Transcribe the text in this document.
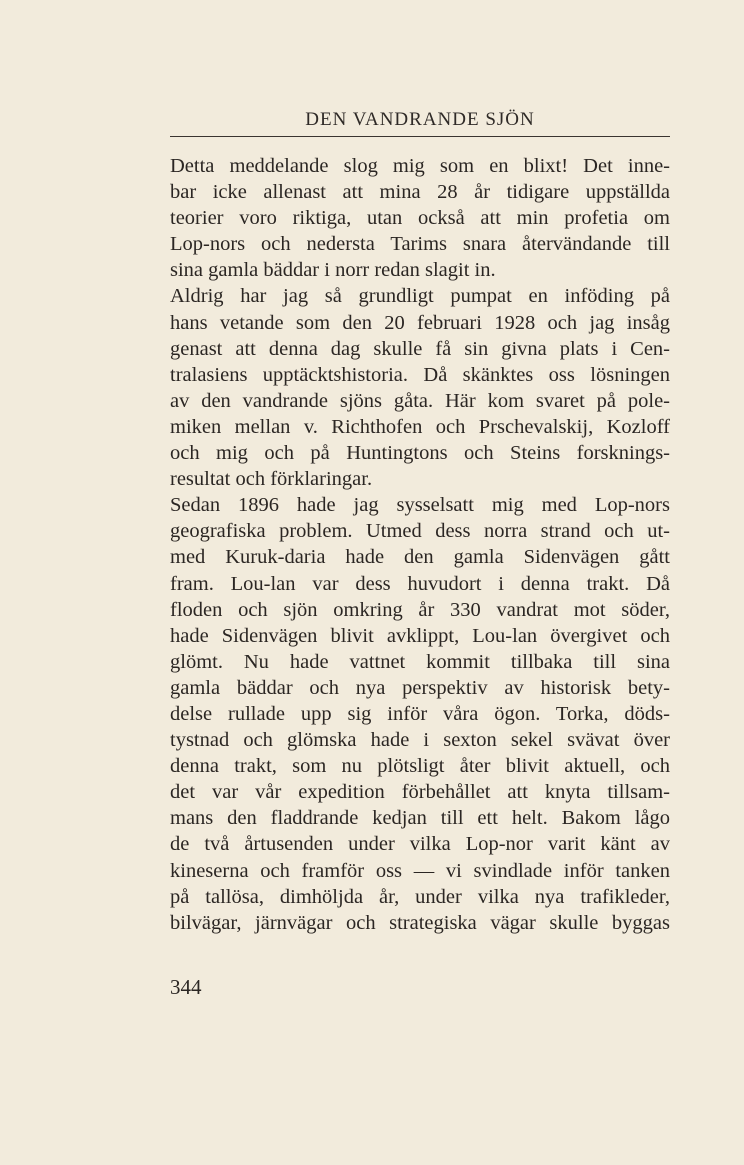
DEN VANDRANDE SJÖN
Detta meddelande slog mig som en blixt! Det inne-
bar icke allenast att mina 28 år tidigare uppställda
teorier voro riktiga, utan också att min profetia om
Lop-nors och nedersta Tarims snara återvändande till
sina gamla bäddar i norr redan slagit in.
Aldrig har jag så grundligt pumpat en inföding på
hans vetande som den 20 februari 1928 och jag insåg
genast att denna dag skulle få sin givna plats i Cen-
tralasiens upptäcktshistoria. Då skänktes oss lösningen
av den vandrande sjöns gåta. Här kom svaret på pole-
miken mellan v. Richthofen och Prschevalskij, Kozloff
och mig och på Huntingtons och Steins forsknings-
resultat och förklaringar.
Sedan 1896 hade jag sysselsatt mig med Lop-nors
geografiska problem. Utmed dess norra strand och ut-
med Kuruk-daria hade den gamla Sidenvägen gått
fram. Lou-lan var dess huvudort i denna trakt. Då
floden och sjön omkring år 330 vandrat mot söder,
hade Sidenvägen blivit avklippt, Lou-lan övergivet och
glömt. Nu hade vattnet kommit tillbaka till sina
gamla bäddar och nya perspektiv av historisk bety-
delse rullade upp sig inför våra ögon. Torka, döds-
tystnad och glömska hade i sexton sekel svävat över
denna trakt, som nu plötsligt åter blivit aktuell, och
det var vår expedition förbehållet att knyta tillsam-
mans den fladdrande kedjan till ett helt. Bakom lågo
de två årtusenden under vilka Lop-nor varit känt av
kineserna och framför oss — vi svindlade inför tanken
på tallösa, dimhöljda år, under vilka nya trafikleder,
bilvägar, järnvägar och strategiska vägar skulle byggas
344
